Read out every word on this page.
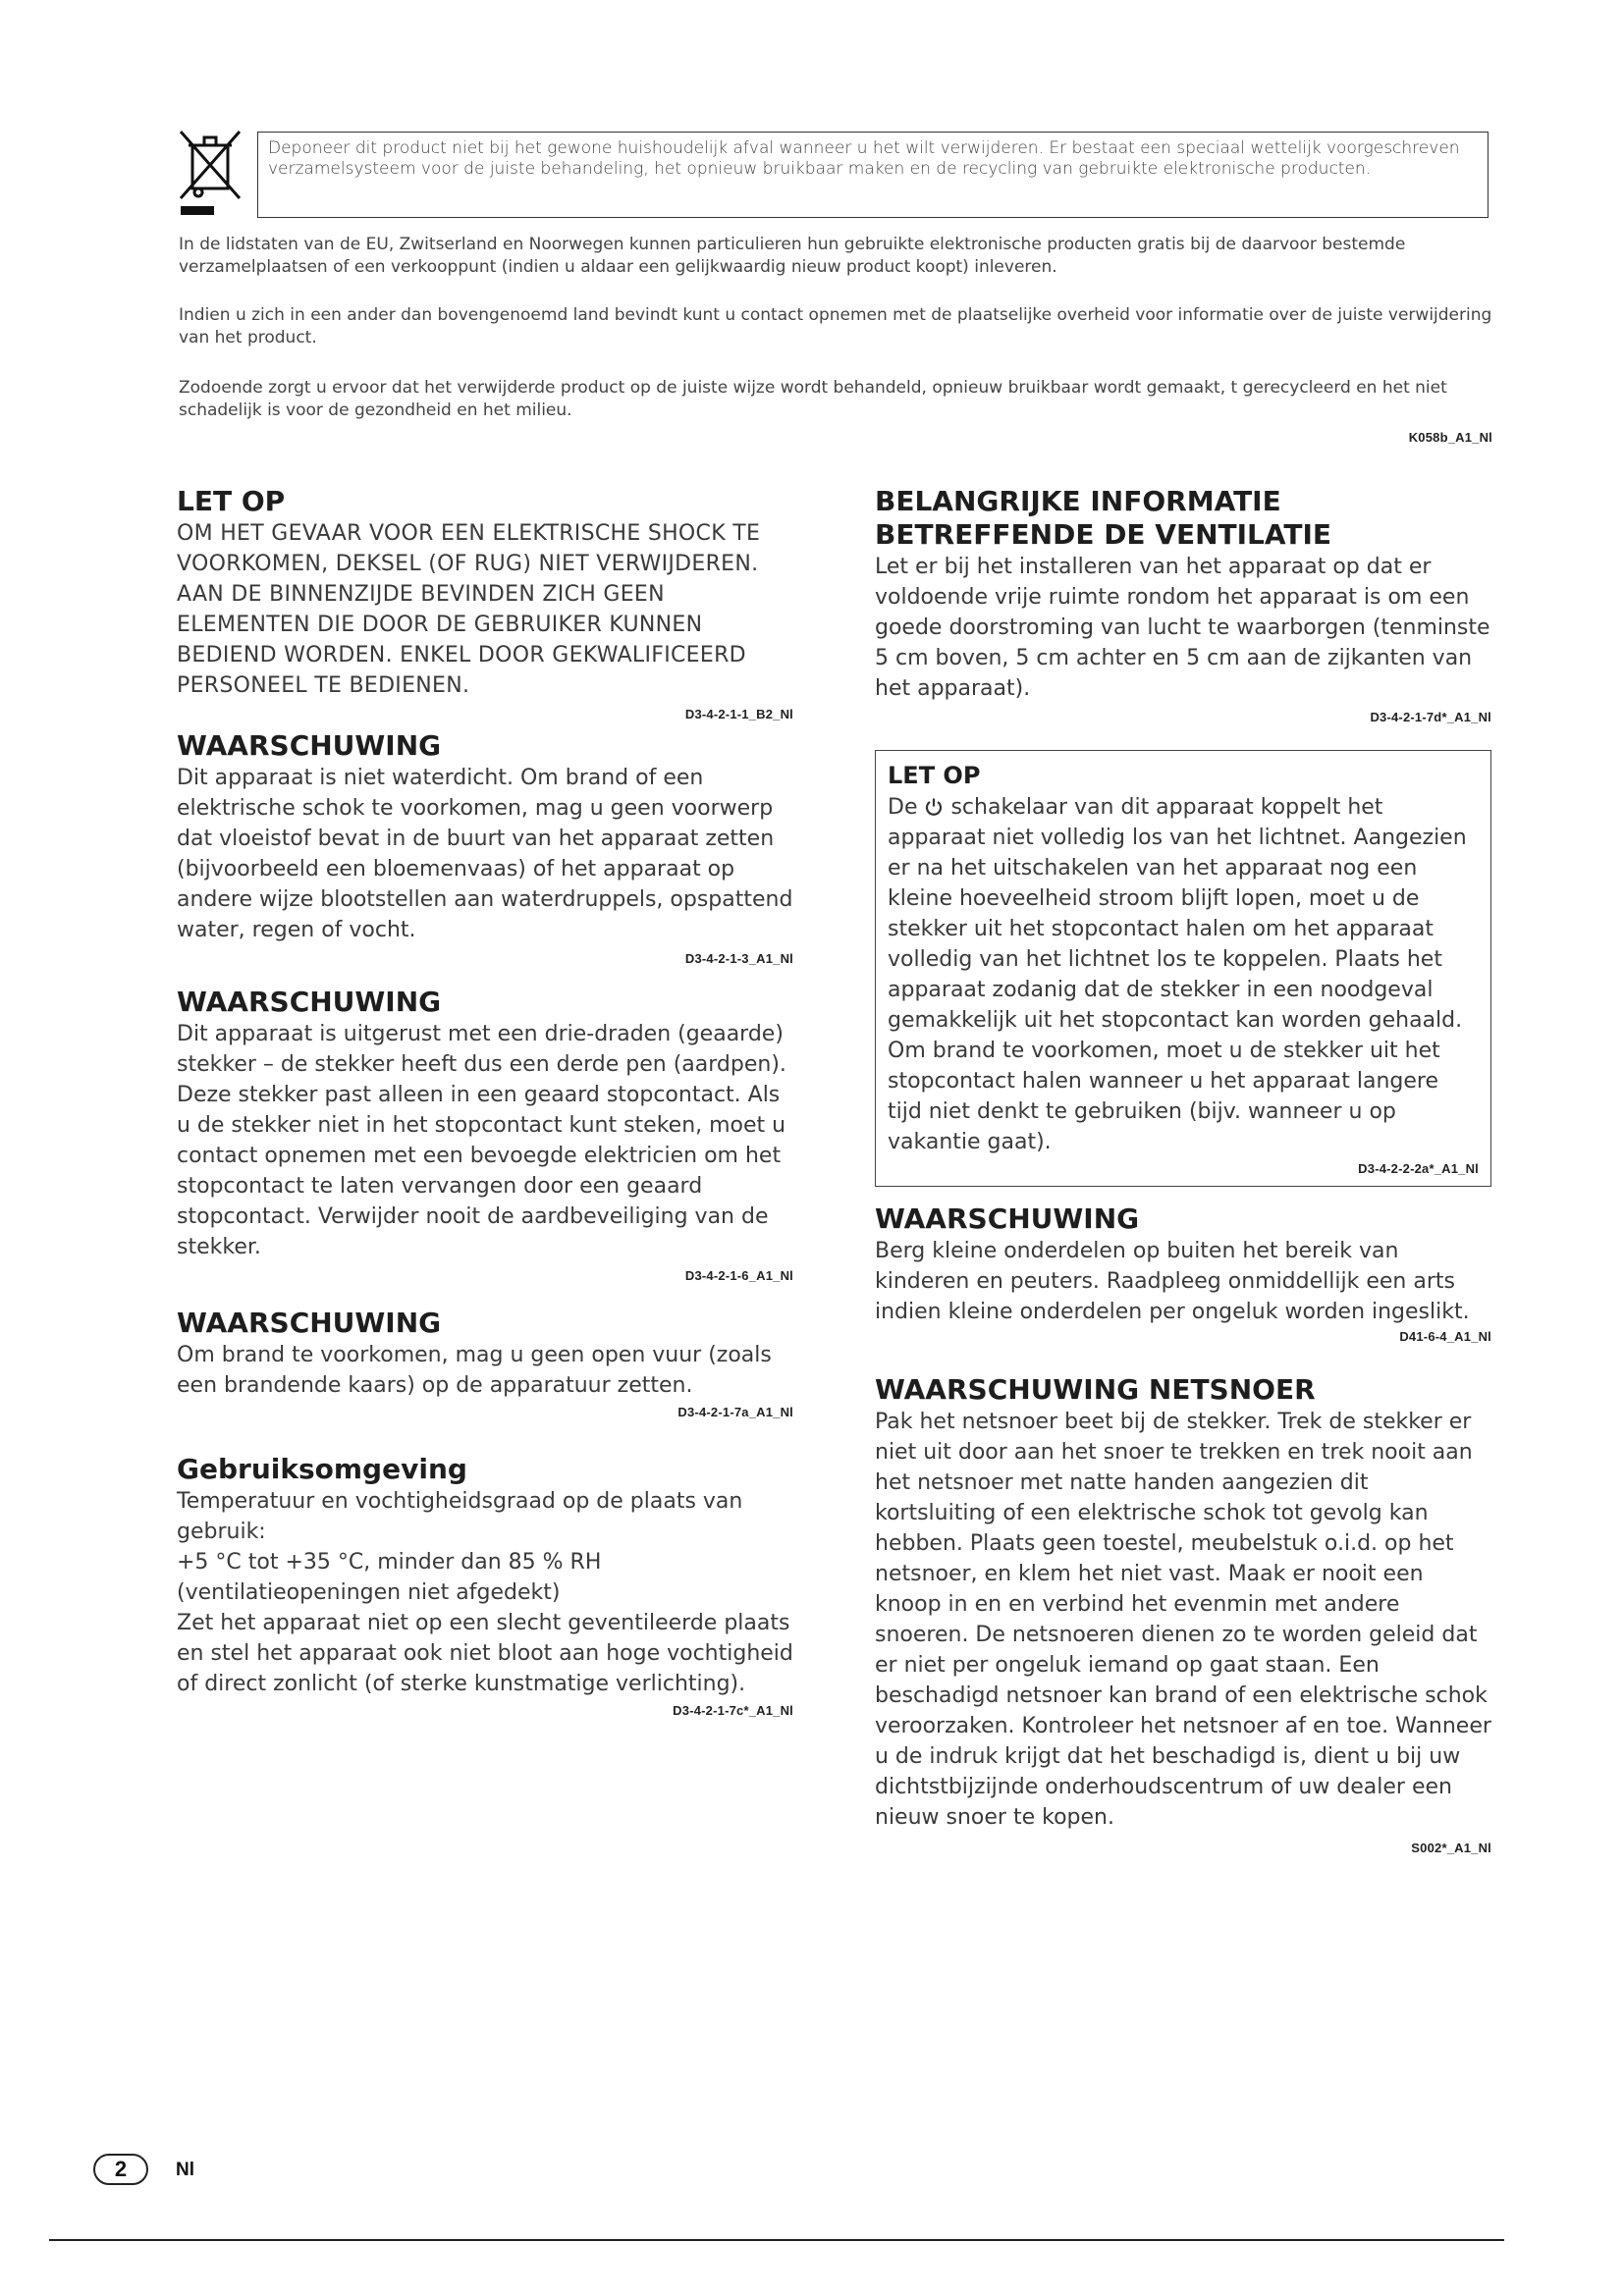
Deponeer dit product niet bij het gewone huishoudelijk afval wanneer u het wilt verwijderen. Er bestaat een speciaal wettelijk voorgeschreven verzamelsysteem voor de juiste behandeling, het opnieuw bruikbaar maken en de recycling van gebruikte elektronische producten.
In de lidstaten van de EU, Zwitserland en Noorwegen kunnen particulieren hun gebruikte elektronische producten gratis bij de daarvoor bestemde verzamelplaatsen of een verkooppunt (indien u aldaar een gelijkwaardig nieuw product koopt) inleveren.
Indien u zich in een ander dan bovengenoemd land bevindt kunt u contact opnemen met de plaatselijke overheid voor informatie over de juiste verwijdering van het product.
Zodoende zorgt u ervoor dat het verwijderde product op de juiste wijze wordt behandeld, opnieuw bruikbaar wordt gemaakt, t gerecycleerd en het niet schadelijk is voor de gezondheid en het milieu.
K058b_A1_Nl
LET OP

OM HET GEVAAR VOOR EEN ELEKTRISCHE SHOCK TE VOORKOMEN, DEKSEL (OF RUG) NIET VERWIJDEREN. AAN DE BINNENZIJDE BEVINDEN ZICH GEEN ELEMENTEN DIE DOOR DE GEBRUIKER KUNNEN BEDIEND WORDEN. ENKEL DOOR GEKWALIFICEERD PERSONEEL TE BEDIENEN.

D3-4-2-1-1_B2_Nl
WAARSCHUWING

Dit apparaat is niet waterdicht. Om brand of een elektrische schok te voorkomen, mag u geen voorwerp dat vloeistof bevat in de buurt van het apparaat zetten (bijvoorbeeld een bloemenvaas) of het apparaat op andere wijze blootstellen aan waterdruppels, opspattend water, regen of vocht.

D3-4-2-1-3_A1_Nl
WAARSCHUWING

Dit apparaat is uitgerust met een drie-draden (geaarde) stekker – de stekker heeft dus een derde pen (aardpen). Deze stekker past alleen in een geaard stopcontact. Als u de stekker niet in het stopcontact kunt steken, moet u contact opnemen met een bevoegde elektricien om het stopcontact te laten vervangen door een geaard stopcontact. Verwijder nooit de aardbeveiliging van de stekker.

D3-4-2-1-6_A1_Nl
WAARSCHUWING

Om brand te voorkomen, mag u geen open vuur (zoals een brandende kaars) op de apparatuur zetten.

D3-4-2-1-7a_A1_Nl
Gebruiksomgeving

Temperatuur en vochtigheidsgraad op de plaats van gebruik:

+5 °C tot +35 °C, minder dan 85 % RH

(ventilatieopeningen niet afgedekt)

Zet het apparaat niet op een slecht geventileerde plaats en stel het apparaat ook niet bloot aan hoge vochtigheid of direct zonlicht (of sterke kunstmatige verlichting).

D3-4-2-1-7c*_A1_Nl
BELANGRIJKE INFORMATIE BETREFFENDE DE VENTILATIE

Let er bij het installeren van het apparaat op dat er voldoende vrije ruimte rondom het apparaat is om een goede doorstroming van lucht te waarborgen (tenminste 5 cm boven, 5 cm achter en 5 cm aan de zijkanten van het apparaat).

D3-4-2-1-7d*_A1_Nl
LET OP

De  schakelaar van dit apparaat koppelt het apparaat niet volledig los van het lichtnet. Aangezien er na het uitschakelen van het apparaat nog een kleine hoeveelheid stroom blijft lopen, moet u de stekker uit het stopcontact halen om het apparaat volledig van het lichtnet los te koppelen. Plaats het apparaat zodanig dat de stekker in een noodgeval gemakkelijk uit het stopcontact kan worden gehaald. Om brand te voorkomen, moet u de stekker uit het stopcontact halen wanneer u het apparaat langere tijd niet denkt te gebruiken (bijv. wanneer u op vakantie gaat).

D3-4-2-2-2a*_A1_Nl
WAARSCHUWING

Berg kleine onderdelen op buiten het bereik van kinderen en peuters. Raadpleeg onmiddellijk een arts indien kleine onderdelen per ongeluk worden ingeslikt.

D41-6-4_A1_Nl
WAARSCHUWING NETSNOER

Pak het netsnoer beet bij de stekker. Trek de stekker er niet uit door aan het snoer te trekken en trek nooit aan het netsnoer met natte handen aangezien dit kortsluiting of een elektrische schok tot gevolg kan hebben. Plaats geen toestel, meubelstuk o.i.d. op het netsnoer, en klem het niet vast. Maak er nooit een knoop in en en verbind het evenmin met andere snoeren. De netsnoeren dienen zo te worden geleid dat er niet per ongeluk iemand op gaat staan. Een beschadigd netsnoer kan brand of een elektrische schok veroorzaken. Kontroleer het netsnoer af en toe. Wanneer u de indruk krijgt dat het beschadigd is, dient u bij uw dichtstbijzijnde onderhoudscentrum of uw dealer een nieuw snoer te kopen.

S002*_A1_Nl
2	Nl
